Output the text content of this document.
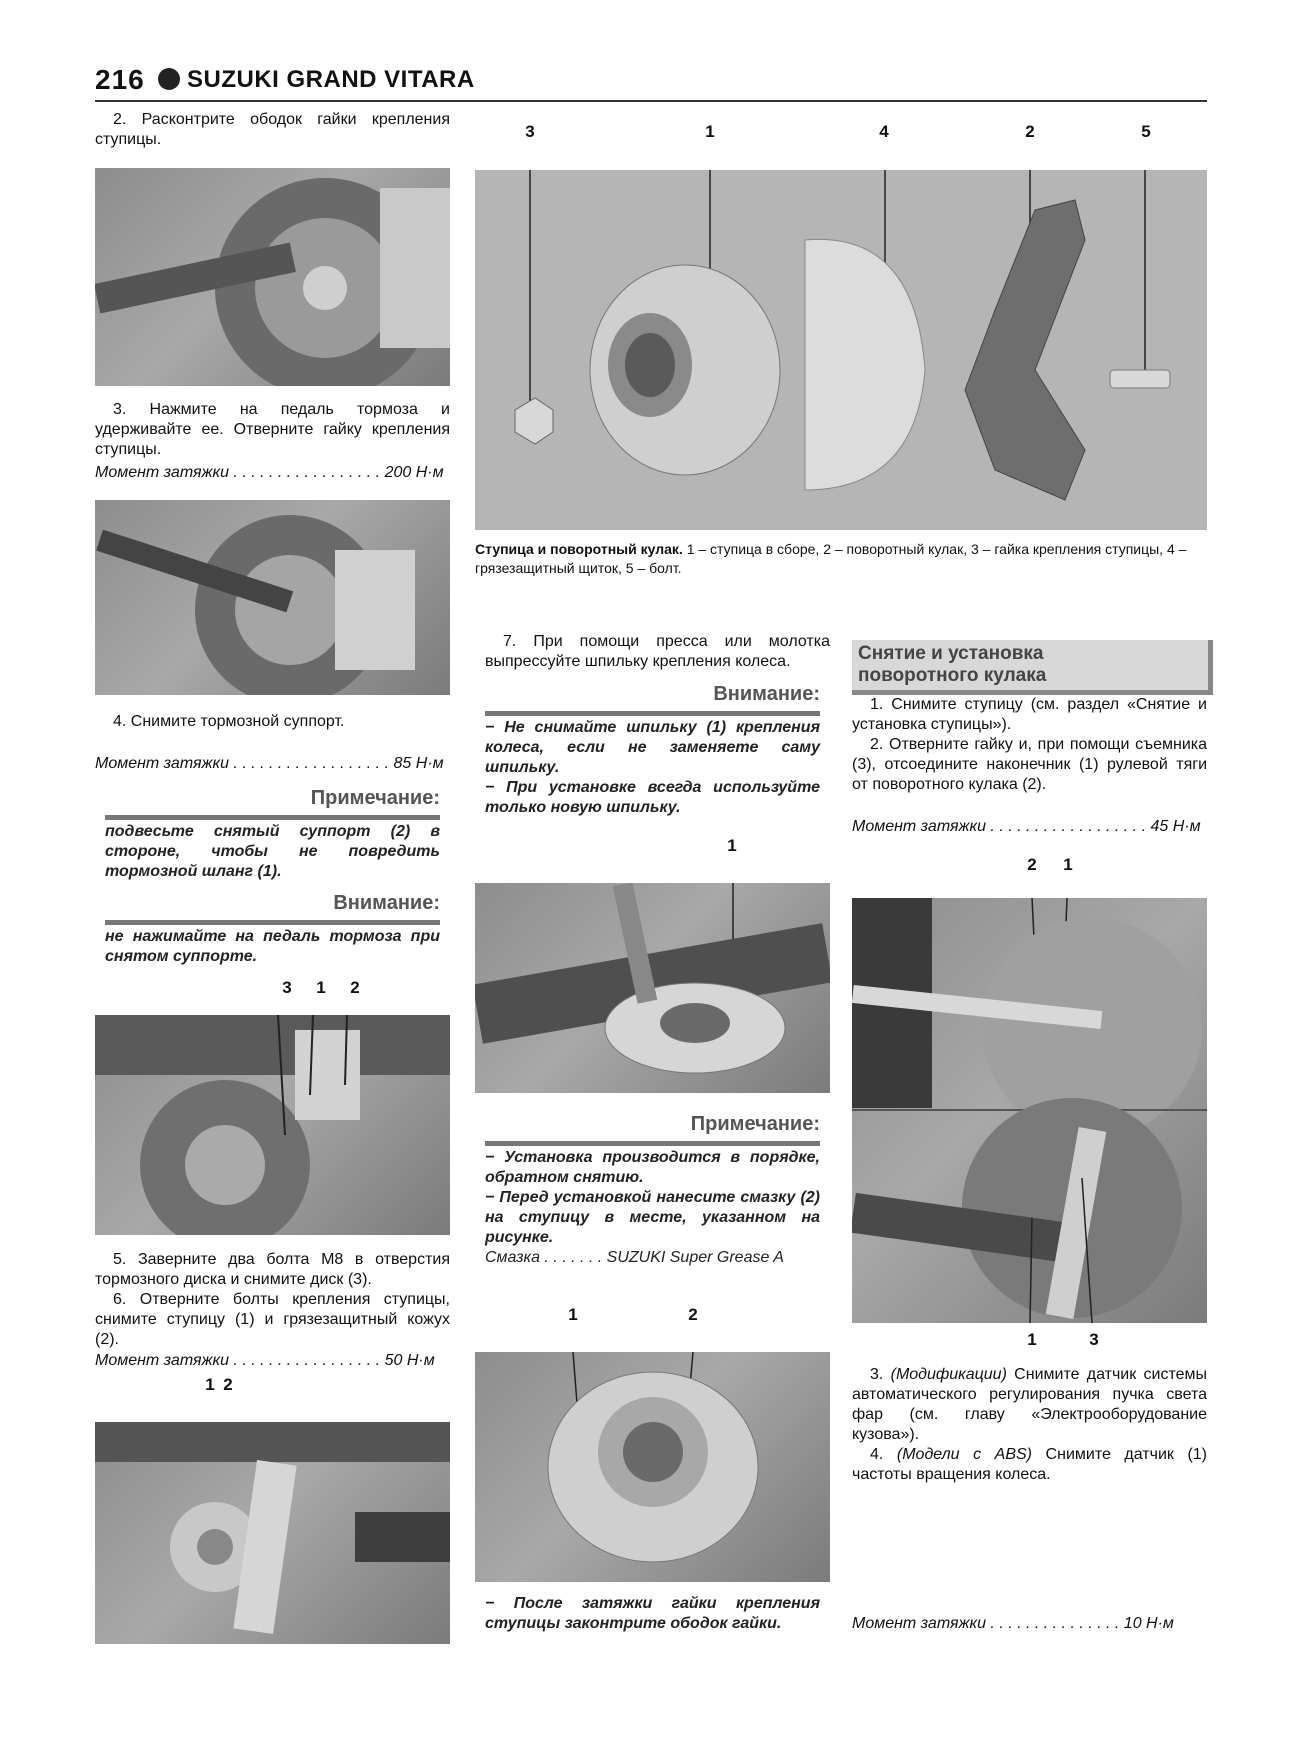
216 SUZUKI GRAND VITARA
2. Расконтрите ободок гайки крепления ступицы.
3. Нажмите на педаль тормоза и удерживайте ее. Отверните гайку крепления ступицы.
Момент затяжки . . . . . . . . . . . . . . . . . 200 Н·м
4. Снимите тормозной суппорт.
Момент затяжки . . . . . . . . . . . . . . . . . . 85 Н·м
Примечание:
подвесьте снятый суппорт (2) в стороне, чтобы не повредить тормозной шланг (1).
Внимание:
не нажимайте на педаль тормоза при снятом суппорте.
3	1	2
5. Заверните два болта М8 в отверстия тормозного диска и снимите диск (3).
6. Отверните болты крепления ступицы, снимите ступицу (1) и грязезащитный кожух (2).
Момент затяжки . . . . . . . . . . . . . . . . . 50 Н·м
1 2
3	1	4	2	5
Ступица и поворотный кулак. 1 – ступица в сборе, 2 – поворотный кулак, 3 – гайка крепления ступицы, 4 – грязезащитный щиток, 5 – болт.
7. При помощи пресса или молотка выпрессуйте шпильку крепления колеса.
Внимание:
− Не снимайте шпильку (1) крепления колеса, если не заменяете саму шпильку.
− При установке всегда используйте только новую шпильку.
1
Примечание:
− Установка производится в порядке, обратном снятию.
− Перед установкой нанесите смазку (2) на ступицу в месте, указанном на рисунке.
Смазка . . . . . . . SUZUKI Super Grease A
1	2
− После затяжки гайки крепления ступицы законтрите ободок гайки.
Снятие и установка
поворотного кулака
1. Снимите ступицу (см. раздел «Снятие и установка ступицы»).
2. Отверните гайку и, при помощи съемника (3), отсоедините наконечник (1) рулевой тяги от поворотного кулака (2).
Момент затяжки . . . . . . . . . . . . . . . . . . 45 Н·м
2	1
1	3
3. (Модификации) Снимите датчик системы автоматического регулирования пучка света фар (см. главу «Электрооборудование кузова»).
4. (Модели с ABS) Снимите датчик (1) частоты вращения колеса.
Момент затяжки . . . . . . . . . . . . . . . 10 Н·м
